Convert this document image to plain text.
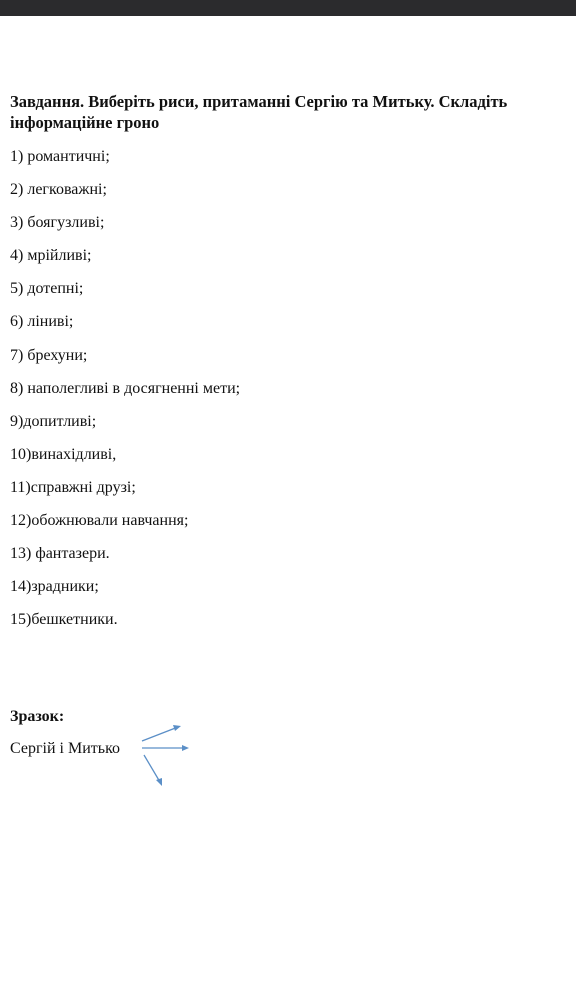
Завдання. Виберіть риси, притаманні Сергію та Митьку. Складіть інформаційне гроно

1) романтичні;
2) легковажні;
3) боягузливі;
4) мрійливі;
5) дотепні;
6) ліниві;
7) брехуни;
8) наполегливі в досягненні мети;
9)допитливі;
10)винахідливі,
11)справжні друзі;
12)обожнювали навчання;
13) фантазери.
14)зрадники;
15)бешкетники.

Зразок:

Сергій і Митько
